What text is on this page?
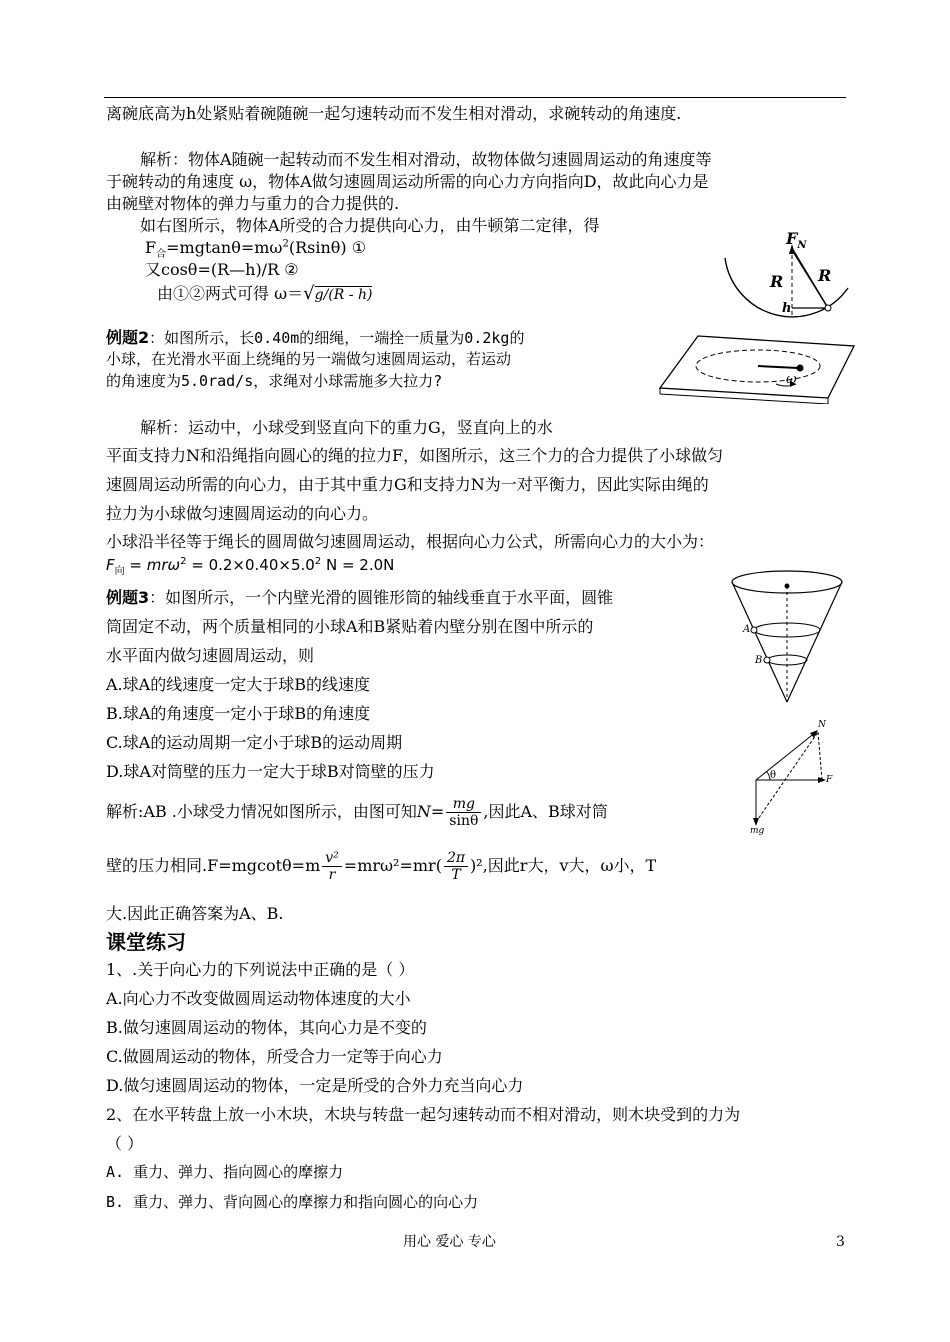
离碗底高为h处紧贴着碗随碗一起匀速转动而不发生相对滑动，求碗转动的角速度.
解析：物体A随碗一起转动而不发生相对滑动，故物体做匀速圆周运动的角速度等
于碗转动的角速度 ω，物体A做匀速圆周运动所需的向心力方向指向D，故此向心力是
由碗壁对物体的弹力与重力的合力提供的.
如右图所示，物体A所受的合力提供向心力，由牛顿第二定律，得
$F_合=mgtan\theta=m\omega^2(Rsin\theta)$ ①
又cosθ=(R—h)/R ②
由①②两式可得 ω＝√g/(R - h)
$F_N$
R R
h
例题2：如图所示，长0.40m的细绳，一端拴一质量为0.2kg的
小球，在光滑水平面上绕绳的另一端做匀速圆周运动，若运动
的角速度为5.0rad/s，求绳对小球需施多大拉力?	ω
解析：运动中，小球受到竖直向下的重力G，竖直向上的水
平面支持力N和沿绳指向圆心的绳的拉力F，如图所示，这三个力的合力提供了小球做匀
速圆周运动所需的向心力，由于其中重力G和支持力N为一对平衡力，因此实际由绳的
拉力为小球做匀速圆周运动的向心力。
小球沿半径等于绳长的圆周做匀速圆周运动，根据向心力公式，所需向心力的大小为：
$F_向 = mr\omega^2 = 0.2\times 0.40\times 5.0^2$ N = 2.0N
例题3：如图所示，一个内壁光滑的圆锥形筒的轴线垂直于水平面，圆锥
筒固定不动，两个质量相同的小球A和B紧贴着内壁分别在图中所示的
水平面内做匀速圆周运动，则
A.球A的线速度一定大于球B的线速度
B.球A的角速度一定小于球B的角速度
C.球A的运动周期一定小于球B的运动周期
D.球A对筒壁的压力一定大于球B对筒壁的压力
A
B
N
θ	F
mg
解析:AB .小球受力情况如图所示，由图可知$N= \frac{mg}{\sin\theta}$ ,因此A、B球对筒
壁的压力相同$.F=mgcot\theta=m \frac{\text{v²}}{r} =mr\omega^2=mr( \frac{2\pi}{T} )^2$,因此r大，v大，ω小，T
大.因此正确答案为A、B.
课堂练习
1、.关于向心力的下列说法中正确的是（ ）
A.向心力不改变做圆周运动物体速度的大小
B.做匀速圆周运动的物体，其向心力是不变的
C.做圆周运动的物体，所受合力一定等于向心力
D.做匀速圆周运动的物体，一定是所受的合外力充当向心力
2、在水平转盘上放一小木块，木块与转盘一起匀速转动而不相对滑动，则木块受到的力为
（ ）
A. 重力、弹力、指向圆心的摩擦力
B. 重力、弹力、背向圆心的摩擦力和指向圆心的向心力
用心 爱心 专心	3
